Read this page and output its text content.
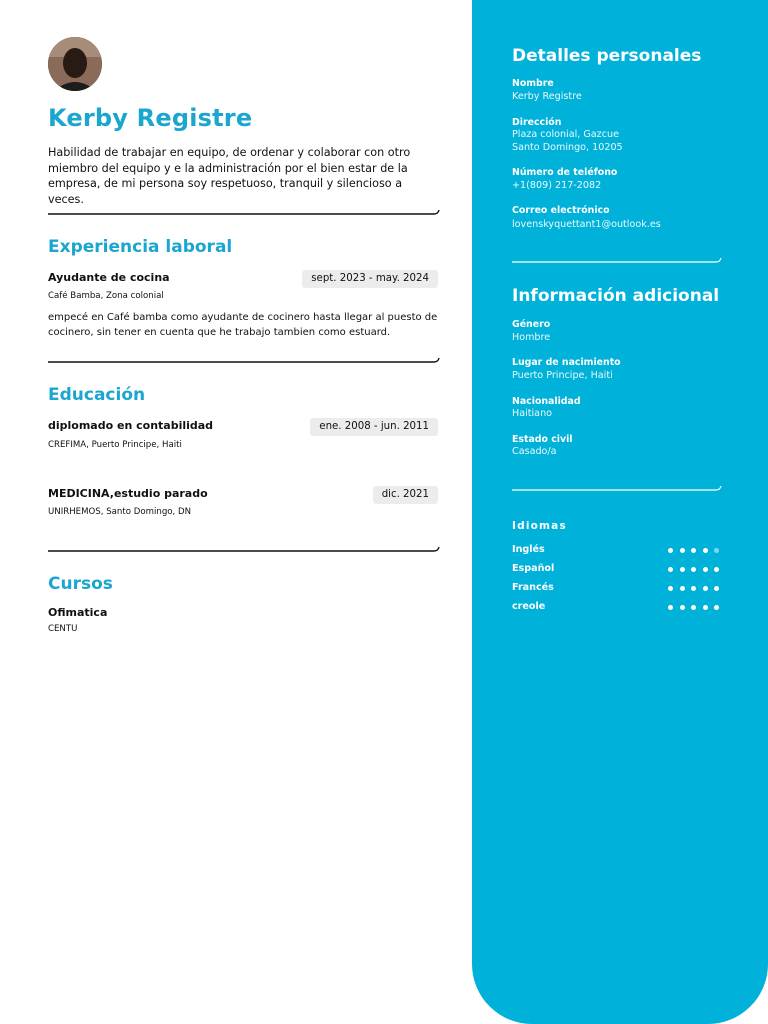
Kerby Registre

Habilidad de trabajar en equipo, de ordenar y colaborar con otro miembro del equipo y e la administración por el bien estar de la empresa, de mi persona soy respetuoso, tranquil y silencioso a veces.

Experiencia laboral
Ayudante de cocina	sept. 2023 - may. 2024
Café Bamba, Zona colonial

empecé en Café bamba como ayudante de cocinero hasta llegar al puesto de cocinero, sin tener en cuenta que he trabajo tambien como estuard.

Educación
diplomado en contabilidad	ene. 2008 - jun. 2011
CREFIMA, Puerto Principe, Haiti
MEDICINA,estudio parado	dic. 2021
UNIRHEMOS, Santo Domingo, DN
Cursos
Ofimatica
CENTU
Detalles personales
Nombre
Kerby Registre
Dirección
Plaza colonial, Gazcue
Santo Domingo, 10205
Número de teléfono
+1(809) 217-2082
Correo electrónico
lovenskyquettant1@outlook.es
Información adicional
Género
Hombre
Lugar de nacimiento
Puerto Principe, Haiti
Nacionalidad
Haitiano
Estado civil
Casado/a
Idiomas
Inglés
Español
Francés
creole
